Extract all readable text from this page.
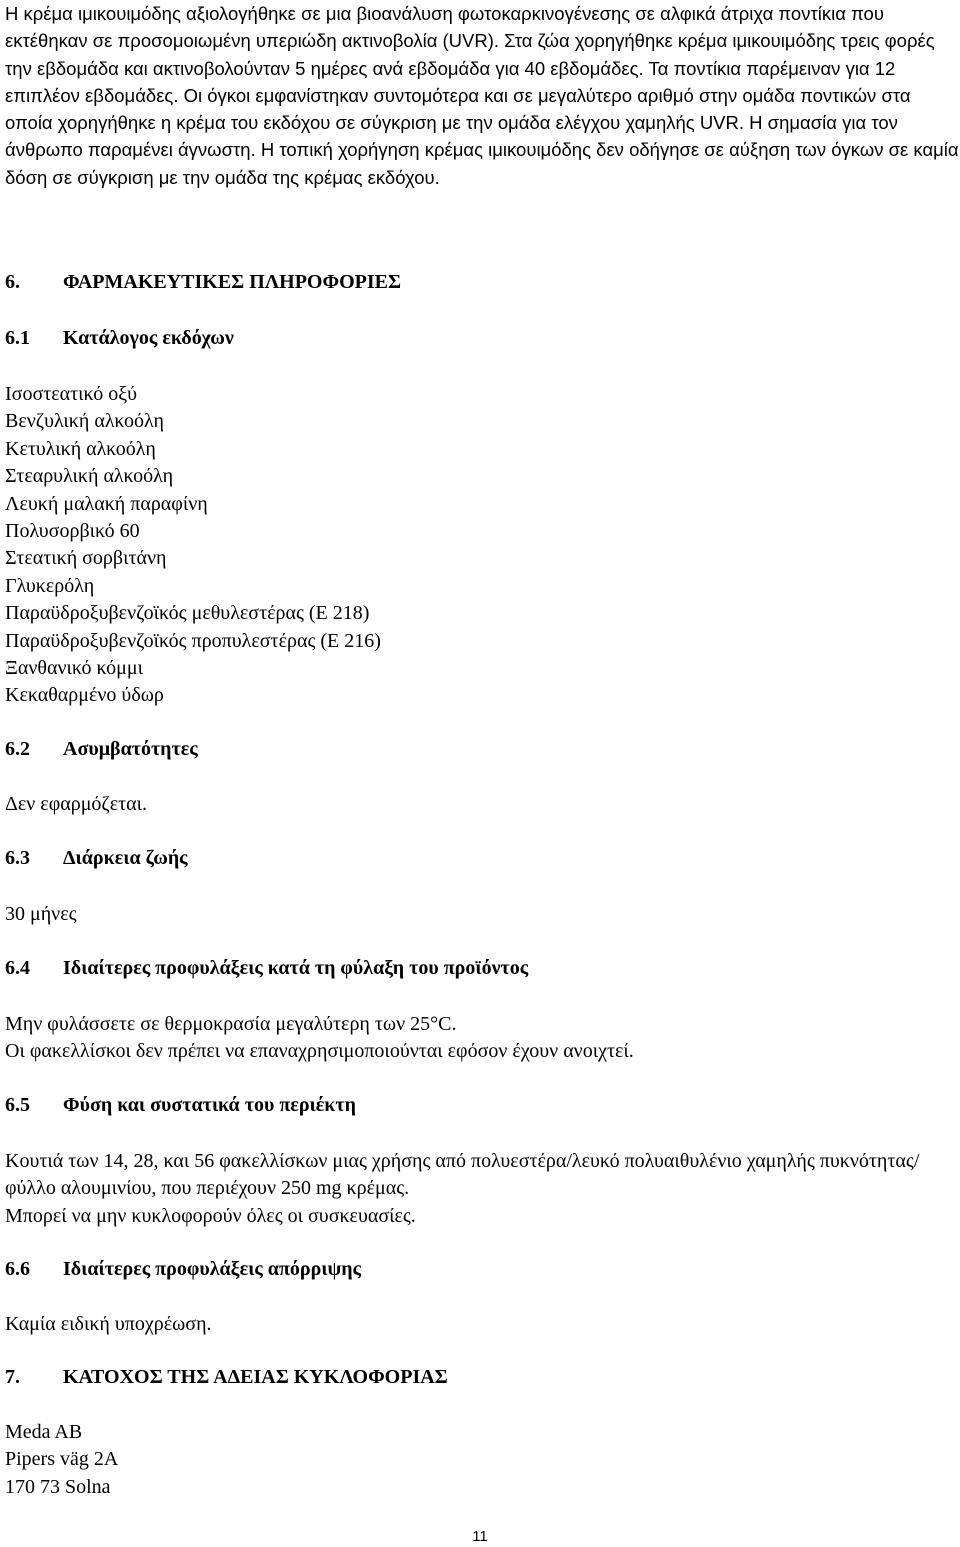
Η κρέμα ιμικουιμόδης αξιολογήθηκε σε μια βιοανάλυση φωτοκαρκινογένεσης σε αλφικά άτριχα ποντίκια που εκτέθηκαν σε προσομοιωμένη υπεριώδη ακτινοβολία (UVR). Στα ζώα χορηγήθηκε κρέμα ιμικουιμόδης τρεις φορές την εβδομάδα και ακτινοβολούνταν 5 ημέρες ανά εβδομάδα για 40 εβδομάδες. Τα ποντίκια παρέμειναν για 12 επιπλέον εβδομάδες. Οι όγκοι εμφανίστηκαν συντομότερα και σε μεγαλύτερο αριθμό στην ομάδα ποντικών στα οποία χορηγήθηκε η κρέμα του εκδόχου σε σύγκριση με την ομάδα ελέγχου χαμηλής UVR. Η σημασία για τον άνθρωπο παραμένει άγνωστη. Η τοπική χορήγηση κρέμας ιμικουιμόδης δεν οδήγησε σε αύξηση των όγκων σε καμία δόση σε σύγκριση με την ομάδα της κρέμας εκδόχου.

6. ΦΑΡΜΑΚΕΥΤΙΚΕΣ ΠΛΗΡΟΦΟΡΙΕΣ
6.1 Κατάλογος εκδόχων
Ισοστεατικό οξύ
Βενζυλική αλκοόλη
Κετυλική αλκοόλη
Στεαρυλική αλκοόλη
Λευκή μαλακή παραφίνη
Πολυσορβικό 60
Στεατική σορβιτάνη
Γλυκερόλη
Παραϋδροξυβενζοϊκός μεθυλεστέρας (Ε 218)
Παραϋδροξυβενζοϊκός προπυλεστέρας (Ε 216)
Ξανθανικό κόμμι
Κεκαθαρμένο ύδωρ
6.2 Ασυμβατότητες
Δεν εφαρμόζεται.
6.3 Διάρκεια ζωής
30 μήνες
6.4 Ιδιαίτερες προφυλάξεις κατά τη φύλαξη του προϊόντος
Μην φυλάσσετε σε θερμοκρασία μεγαλύτερη των 25°C.
Οι φακελλίσκοι δεν πρέπει να επαναχρησιμοποιούνται εφόσον έχουν ανοιχτεί.
6.5 Φύση και συστατικά του περιέκτη
Κουτιά των 14, 28, και 56 φακελλίσκων μιας χρήσης από πολυεστέρα/λευκό πολυαιθυλένιο χαμηλής πυκνότητας/φύλλο αλουμινίου, που περιέχουν 250 mg κρέμας.
Μπορεί να μην κυκλοφορούν όλες οι συσκευασίες.
6.6 Ιδιαίτερες προφυλάξεις απόρριψης
Καμία ειδική υποχρέωση.
7. ΚΑΤΟΧΟΣ ΤΗΣ ΑΔΕΙΑΣ ΚΥΚΛΟΦΟΡΙΑΣ
Meda AB
Pipers väg 2A
170 73 Solna
11
